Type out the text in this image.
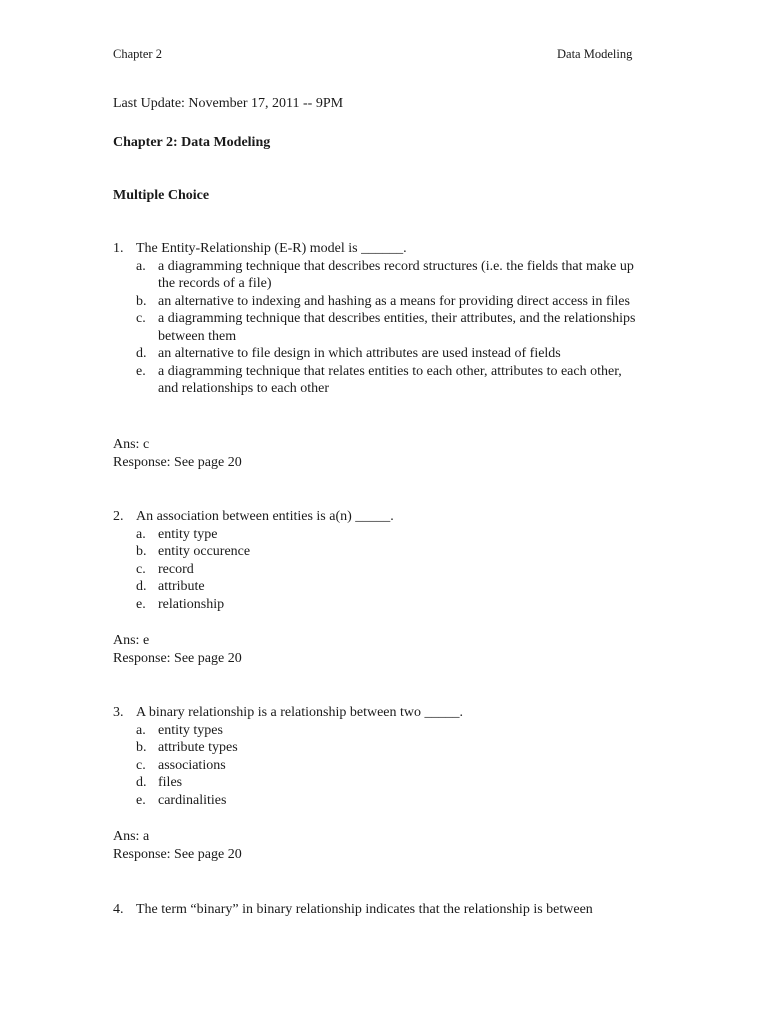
Chapter 2	Data Modeling
Last Update: November 17, 2011 -- 9PM
Chapter 2: Data Modeling
Multiple Choice
1. The Entity-Relationship (E-R) model is ______.
a. a diagramming technique that describes record structures (i.e. the fields that make up the records of a file)
b. an alternative to indexing and hashing as a means for providing direct access in files
c. a diagramming technique that describes entities, their attributes, and the relationships between them
d. an alternative to file design in which attributes are used instead of fields
e. a diagramming technique that relates entities to each other, attributes to each other, and relationships to each other
Ans: c
Response: See page 20
2. An association between entities is a(n) _____.
a. entity type
b. entity occurence
c. record
d. attribute
e. relationship
Ans: e
Response: See page 20
3. A binary relationship is a relationship between two _____.
a. entity types
b. attribute types
c. associations
d. files
e. cardinalities
Ans: a
Response: See page 20
4. The term “binary” in binary relationship indicates that the relationship is between
